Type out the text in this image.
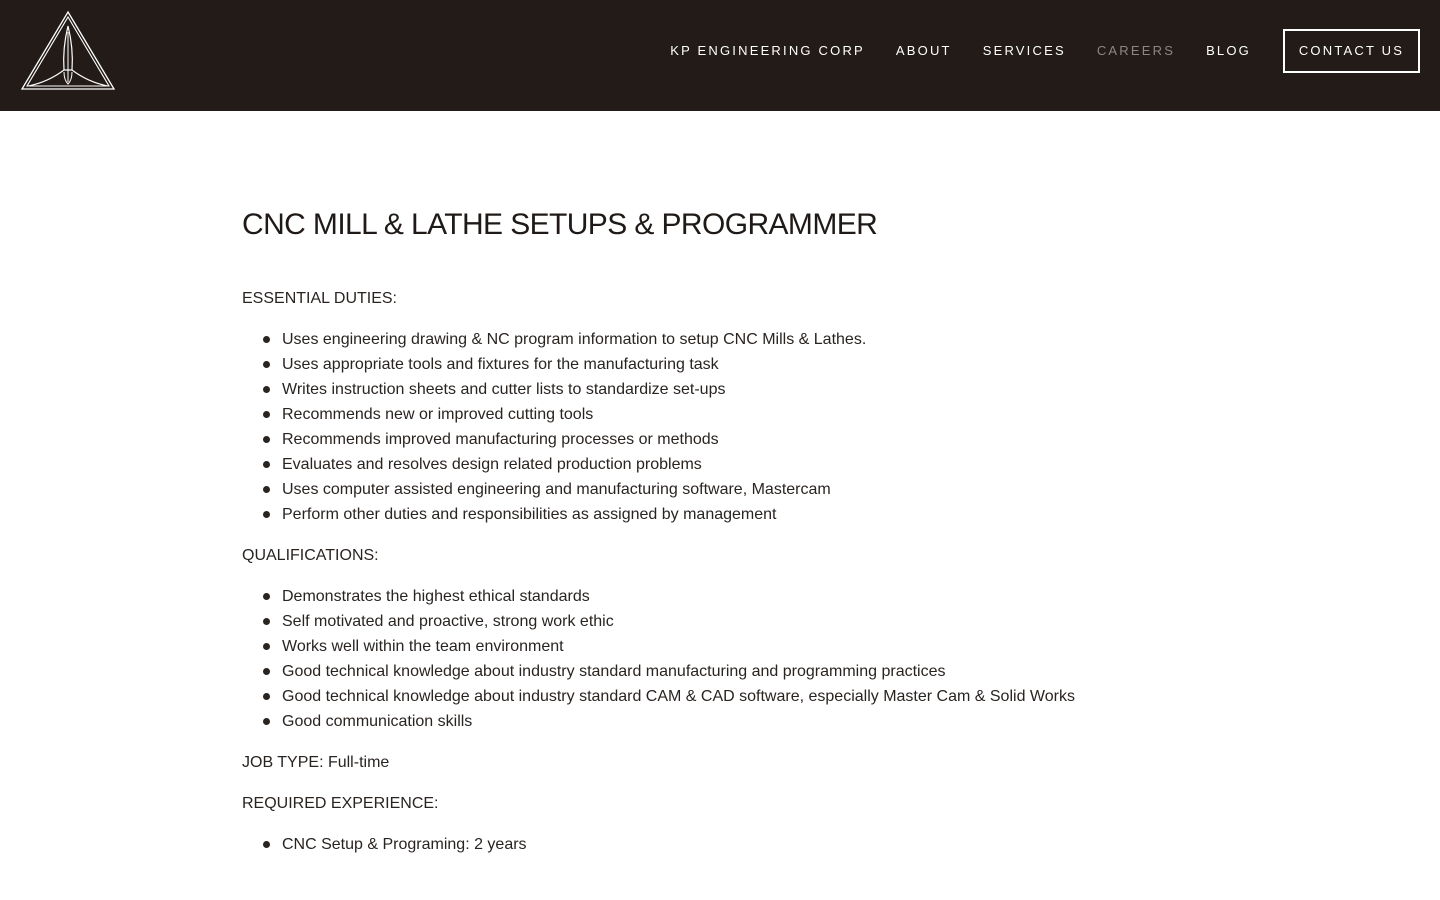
KP ENGINEERING CORP ABOUT SERVICES CAREERS BLOG	CONTACT US
CNC MILL & LATHE SETUPS & PROGRAMMER

ESSENTIAL DUTIES:

Uses engineering drawing & NC program information to setup CNC Mills & Lathes.
Uses appropriate tools and fixtures for the manufacturing task
Writes instruction sheets and cutter lists to standardize set-ups
Recommends new or improved cutting tools
Recommends improved manufacturing processes or methods
Evaluates and resolves design related production problems
Uses computer assisted engineering and manufacturing software, Mastercam
Perform other duties and responsibilities as assigned by management

QUALIFICATIONS:

Demonstrates the highest ethical standards
Self motivated and proactive, strong work ethic
Works well within the team environment
Good technical knowledge about industry standard manufacturing and programming practices
Good technical knowledge about industry standard CAM & CAD software, especially Master Cam & Solid Works
Good communication skills

JOB TYPE: Full-time

REQUIRED EXPERIENCE:

CNC Setup & Programing: 2 years
